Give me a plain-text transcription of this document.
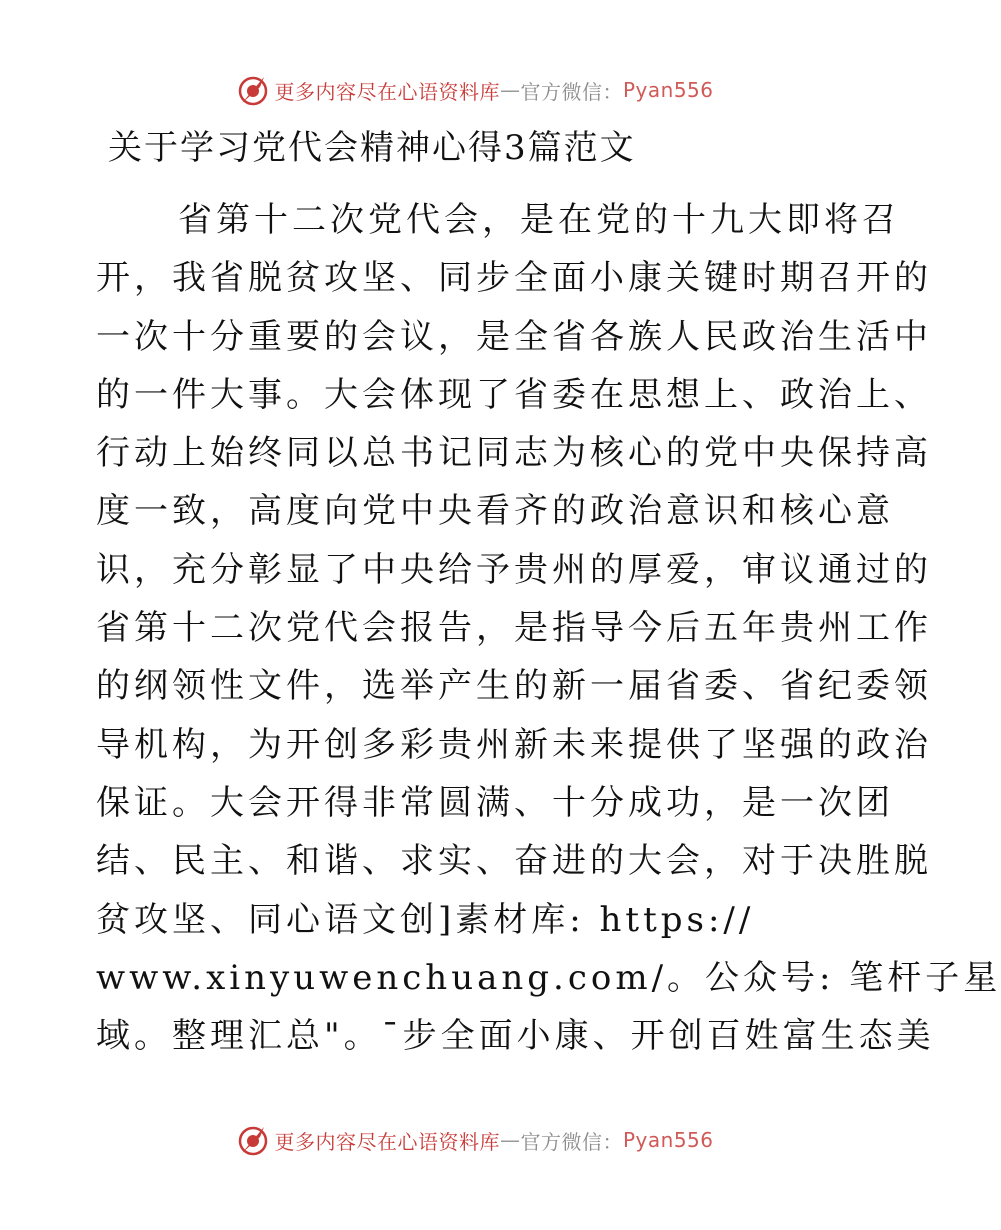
更多内容尽在心语资料库 — 官方微信： Pyan556
关于学习党代会精神心得3篇范文
省第十二次党代会，是在党的十九大即将召
开，我省脱贫攻坚、同步全面小康关键时期召开的
一次十分重要的会议，是全省各族人民政治生活中
的一件大事。大会体现了省委在思想上、政治上、
行动上始终同以总书记同志为核心的党中央保持高
度一致，高度向党中央看齐的政治意识和核心意
识，充分彰显了中央给予贵州的厚爱，审议通过的
省第十二次党代会报告，是指导今后五年贵州工作
的纲领性文件，选举产生的新一届省委、省纪委领
导机构，为开创多彩贵州新未来提供了坚强的政治
保证。大会开得非常圆满、十分成功，是一次团
结、民主、和谐、求实、奋进的大会，对于决胜脱
贫攻坚、同心语文创]素材库: https://
www.xinyuwenchuang.com/。公众号: 笔杆子星
域。整理汇总"。¯步全面小康、开创百姓富生态美
更多内容尽在心语资料库 — 官方微信： Pyan556
